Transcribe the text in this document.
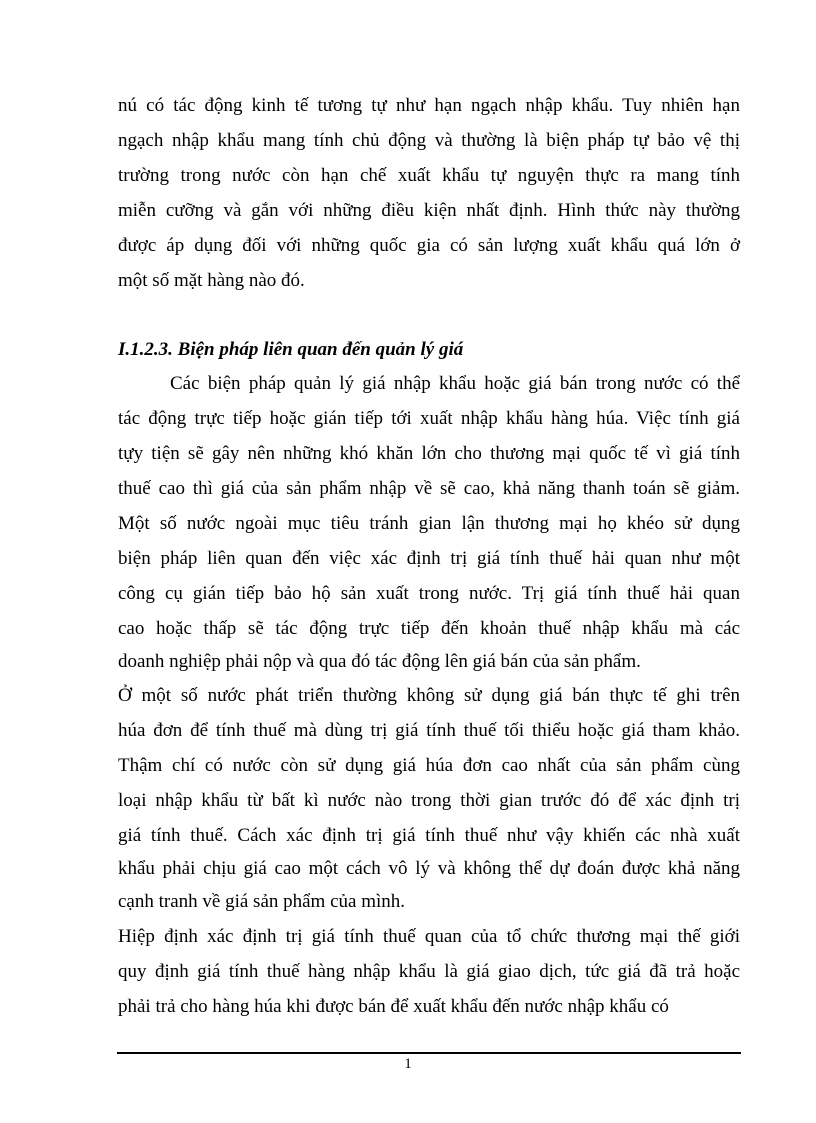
nú có tác động kinh tế tương tự như hạn ngạch nhập khẩu. Tuy nhiên hạn
ngạch nhập khẩu mang tính chủ động và thường là biện pháp tự bảo vệ thị
trường trong nước còn hạn chế xuất khẩu tự nguyện thực ra mang tính
miễn cưỡng và gắn với những điều kiện nhất định. Hình thức này thường
được áp dụng đối với những quốc gia có sản lượng xuất khẩu quá lớn ở
một số mặt hàng nào đó.
I.1.2.3. Biện pháp liên quan đến quản lý giá
Các biện pháp quản lý giá nhập khẩu hoặc giá bán trong nước có thể
tác động trực tiếp hoặc gián tiếp tới xuất nhập khẩu hàng húa. Việc tính giá
tựy tiện sẽ gây nên những khó khăn lớn cho thương mại quốc tế vì giá tính
thuế cao thì giá của sản phẩm nhập về sẽ cao, khả năng thanh toán sẽ giảm.
Một số nước ngoài mục tiêu tránh gian lận thương mại họ khéo sử dụng
biện pháp liên quan đến việc xác định trị giá tính thuế hải quan như một
công cụ gián tiếp bảo hộ sản xuất trong nước. Trị giá tính thuế hải quan
cao hoặc thấp sẽ tác động trực tiếp đến khoản thuế nhập khẩu mà các
doanh nghiệp phải nộp và qua đó tác động lên giá bán của sản phẩm.
Ở một số nước phát triển thường không sử dụng giá bán thực tế ghi trên
húa đơn để tính thuế mà dùng trị giá tính thuế tối thiểu hoặc giá tham khảo.
Thậm chí có nước còn sử dụng giá húa đơn cao nhất của sản phẩm cùng
loại nhập khẩu từ bất kì nước nào trong thời gian trước đó để xác định trị
giá tính thuế. Cách xác định trị giá tính thuế như vậy khiến các nhà xuất
khẩu phải chịu giá cao một cách vô lý và không thể dự đoán được khả năng
cạnh tranh về giá sản phẩm của mình.
Hiệp định xác định trị giá tính thuế quan của tổ chức thương mại thế giới
quy định giá tính thuế hàng nhập khẩu là giá giao dịch, tức giá đã trả hoặc
phải trả cho hàng húa khi được bán để xuất khẩu đến nước nhập khẩu có
1
